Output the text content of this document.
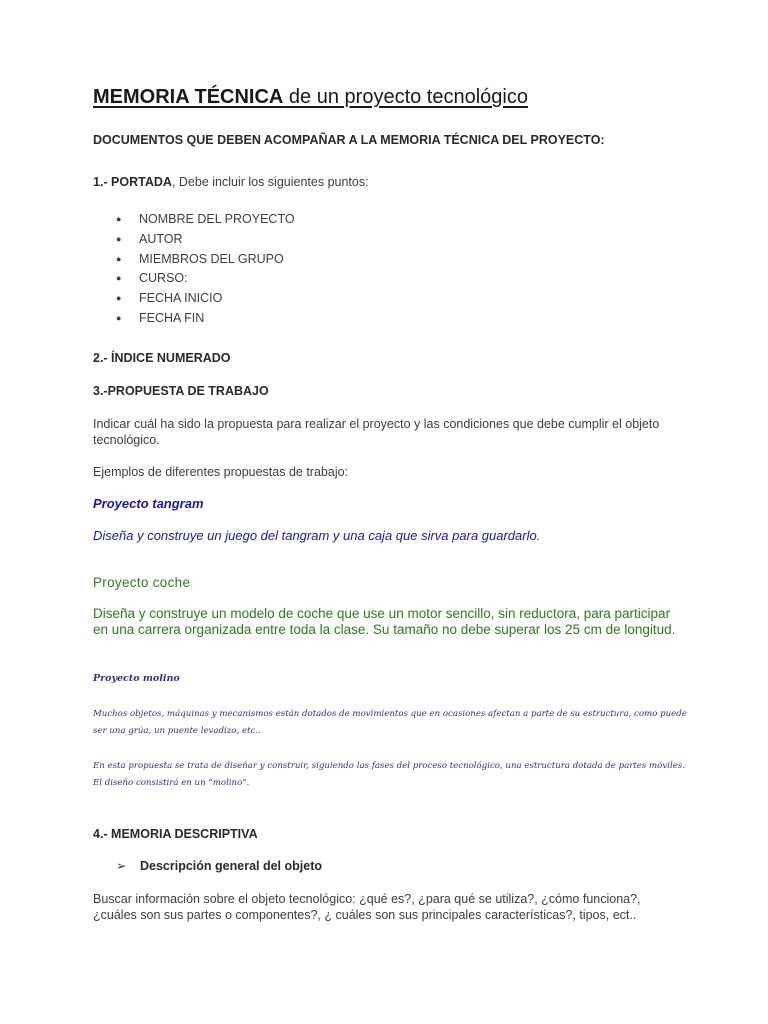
MEMORIA TÉCNICA de un proyecto tecnológico

DOCUMENTOS QUE DEBEN ACOMPAÑAR A LA MEMORIA TÉCNICA DEL PROYECTO:

1.- PORTADA, Debe incluir los siguientes puntos:

● NOMBRE DEL PROYECTO
● AUTOR
● MIEMBROS DEL GRUPO
● CURSO:
● FECHA INICIO
● FECHA FIN

2.- ÍNDICE NUMERADO

3.-PROPUESTA DE TRABAJO

Indicar cuál ha sido la propuesta para realizar el proyecto y las condiciones que debe cumplir el objeto tecnológico.

Ejemplos de diferentes propuestas de trabajo:

Proyecto tangram

Diseña y construye un juego del tangram y una caja que sirva para guardarlo.

Proyecto coche

Diseña y construye un modelo de coche que use un motor sencillo, sin reductora, para participar en una carrera organizada entre toda la clase. Su tamaño no debe superar los 25 cm de longitud.

Proyecto molino

Muchos objetos, máquinas y mecanismos están dotados de movimientos que en ocasiones afectan a parte de su estructura, como puede ser una grúa, un puente levadizo, etc..

En esta propuesta se trata de diseñar y construir, siguiendo las fases del proceso tecnológico, una estructura dotada de partes móviles. El diseño consistirá en un “molino”.

4.- MEMORIA DESCRIPTIVA

➢ Descripción general del objeto

Buscar información sobre el objeto tecnológico: ¿qué es?, ¿para qué se utiliza?, ¿cómo funciona?, ¿cuáles son sus partes o componentes?, ¿ cuáles son sus principales características?, tipos, ect..
